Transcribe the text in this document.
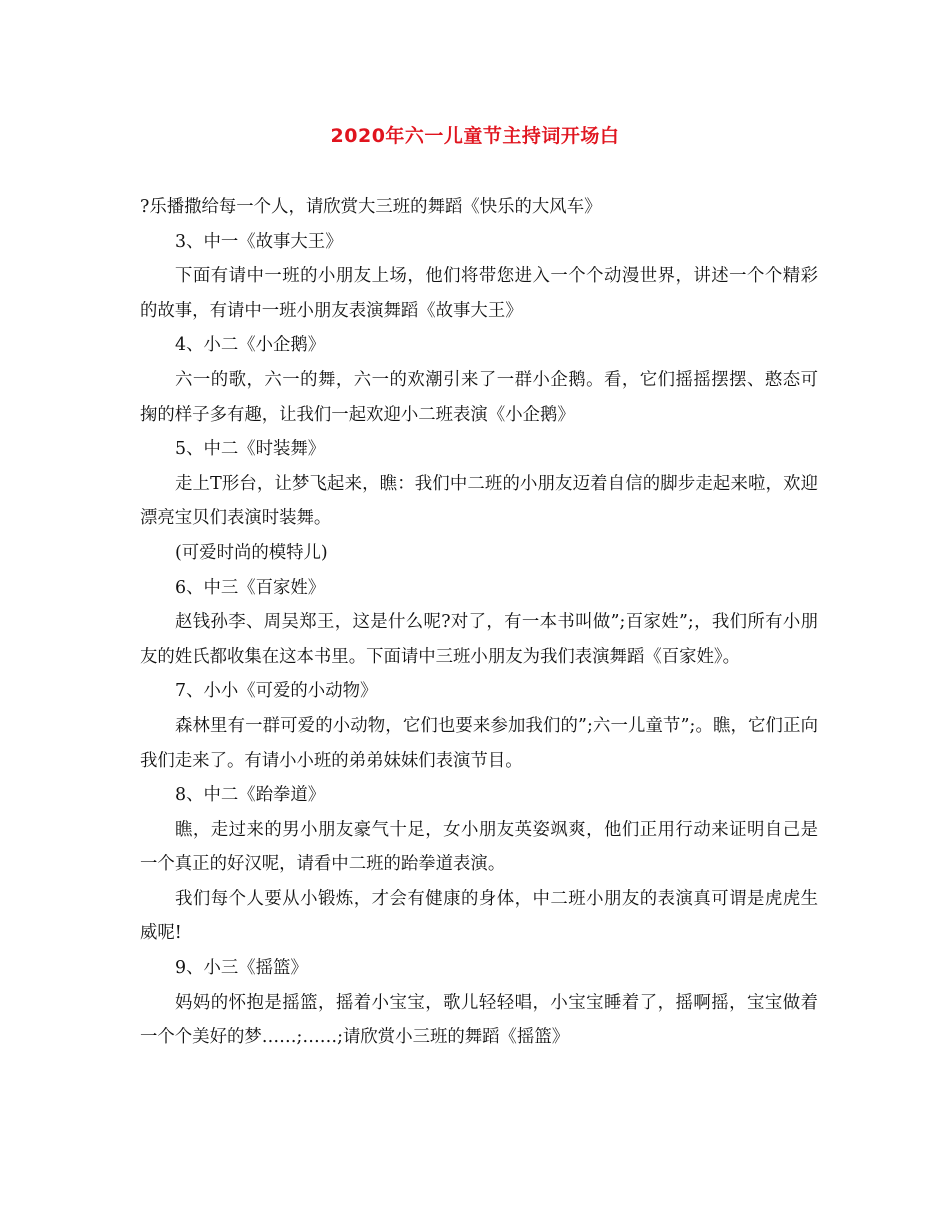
2020年六一儿童节主持词开场白

?乐播撒给每一个人，请欣赏大三班的舞蹈《快乐的大风车》

3、中一《故事大王》

下面有请中一班的小朋友上场，他们将带您进入一个个动漫世界，讲述一个个精彩的故事，有请中一班小朋友表演舞蹈《故事大王》

4、小二《小企鹅》

六一的歌，六一的舞，六一的欢潮引来了一群小企鹅。看，它们摇摇摆摆、憨态可掬的样子多有趣，让我们一起欢迎小二班表演《小企鹅》

5、中二《时装舞》

走上T形台，让梦飞起来，瞧：我们中二班的小朋友迈着自信的脚步走起来啦，欢迎漂亮宝贝们表演时装舞。

(可爱时尚的模特儿)

6、中三《百家姓》

赵钱孙李、周吴郑王，这是什么呢?对了，有一本书叫做”;百家姓”;，我们所有小朋友的姓氏都收集在这本书里。下面请中三班小朋友为我们表演舞蹈《百家姓》。

7、小小《可爱的小动物》

森林里有一群可爱的小动物，它们也要来参加我们的”;六一儿童节”;。瞧，它们正向我们走来了。有请小小班的弟弟妹妹们表演节目。

8、中二《跆拳道》

瞧，走过来的男小朋友豪气十足，女小朋友英姿飒爽，他们正用行动来证明自己是一个真正的好汉呢，请看中二班的跆拳道表演。

我们每个人要从小锻炼，才会有健康的身体，中二班小朋友的表演真可谓是虎虎生威呢!

9、小三《摇篮》

妈妈的怀抱是摇篮，摇着小宝宝，歌儿轻轻唱，小宝宝睡着了，摇啊摇，宝宝做着一个个美好的梦……;……;请欣赏小三班的舞蹈《摇篮》
